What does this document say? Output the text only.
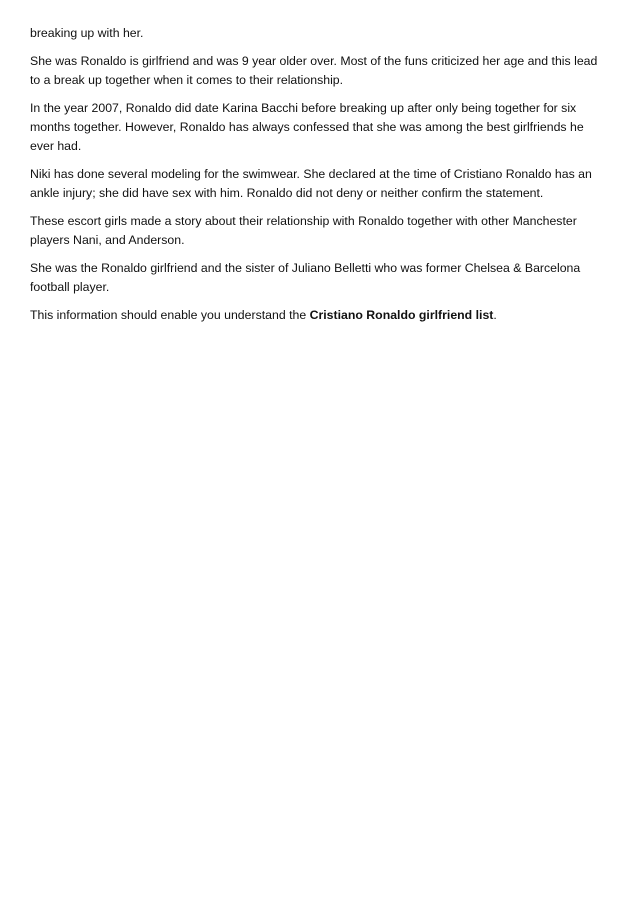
breaking up with her.

She was Ronaldo is girlfriend and was 9 year older over. Most of the funs criticized her age and this lead to a break up together when it comes to their relationship.

In the year 2007, Ronaldo did date Karina Bacchi before breaking up after only being together for six months together. However, Ronaldo has always confessed that she was among the best girlfriends he ever had.

Niki has done several modeling for the swimwear. She declared at the time of Cristiano Ronaldo has an ankle injury; she did have sex with him. Ronaldo did not deny or neither confirm the statement.

These escort girls made a story about their relationship with Ronaldo together with other Manchester players Nani, and Anderson.

She was the Ronaldo girlfriend and the sister of Juliano Belletti who was former Chelsea & Barcelona football player.

This information should enable you understand the Cristiano Ronaldo girlfriend list.
